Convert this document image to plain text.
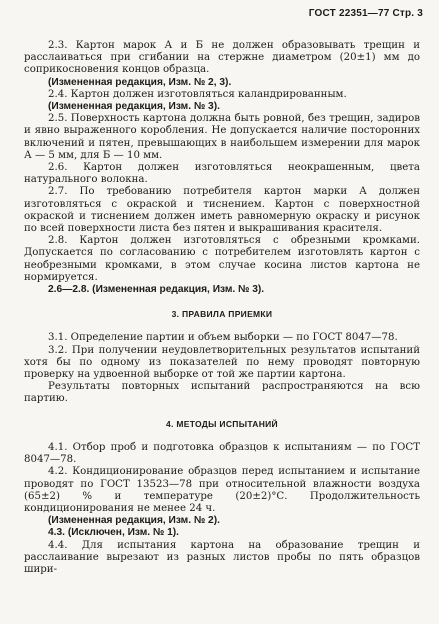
ГОСТ 22351—77 Стр. 3

2.3. Картон марок А и Б не должен образовывать трещин и расслаиваться при сгибании на стержне диаметром (20±1) мм до соприкосновения концов образца.

(Измененная редакция, Изм. № 2, 3).

2.4. Картон должен изготовляться каландрированным.

(Измененная редакция, Изм. № 3).

2.5. Поверхность картона должна быть ровной, без трещин, задиров и явно выраженного коробления. Не допускается наличие посторонних включений и пятен, превышающих в наибольшем измерении для марок А — 5 мм, для Б — 10 мм.

2.6. Картон должен изготовляться неокрашенным, цвета натурального волокна.

2.7. По требованию потребителя картон марки А должен изготовляться с окраской и тиснением. Картон с поверхностной окраской и тиснением должен иметь равномерную окраску и рисунок по всей поверхности листа без пятен и выкрашивания красителя.

2.8. Картон должен изготовляться с обрезными кромками. Допускается по согласованию с потребителем изготовлять картон с необрезными кромками, в этом случае косина листов картона не нормируется.

2.6—2.8. (Измененная редакция, Изм. № 3).

3. ПРАВИЛА ПРИЕМКИ

3.1. Определение партии и объем выборки — по ГОСТ 8047—78.

3.2. При получении неудовлетворительных результатов испытаний хотя бы по одному из показателей по нему проводят повторную проверку на удвоенной выборке от той же партии картона.

Результаты повторных испытаний распространяются на всю партию.

4. МЕТОДЫ ИСПЫТАНИЙ

4.1. Отбор проб и подготовка образцов к испытаниям — по ГОСТ 8047—78.

4.2. Кондиционирование образцов перед испытанием и испытание проводят по ГОСТ 13523—78 при относительной влажности воздуха (65±2) % и температуре (20±2)°С. Продолжительность кондиционирования не менее 24 ч.

(Измененная редакция, Изм. № 2).

4.3. (Исключен, Изм. № 1).

4.4. Для испытания картона на образование трещин и расслаивание вырезают из разных листов пробы по пять образцов шири-
